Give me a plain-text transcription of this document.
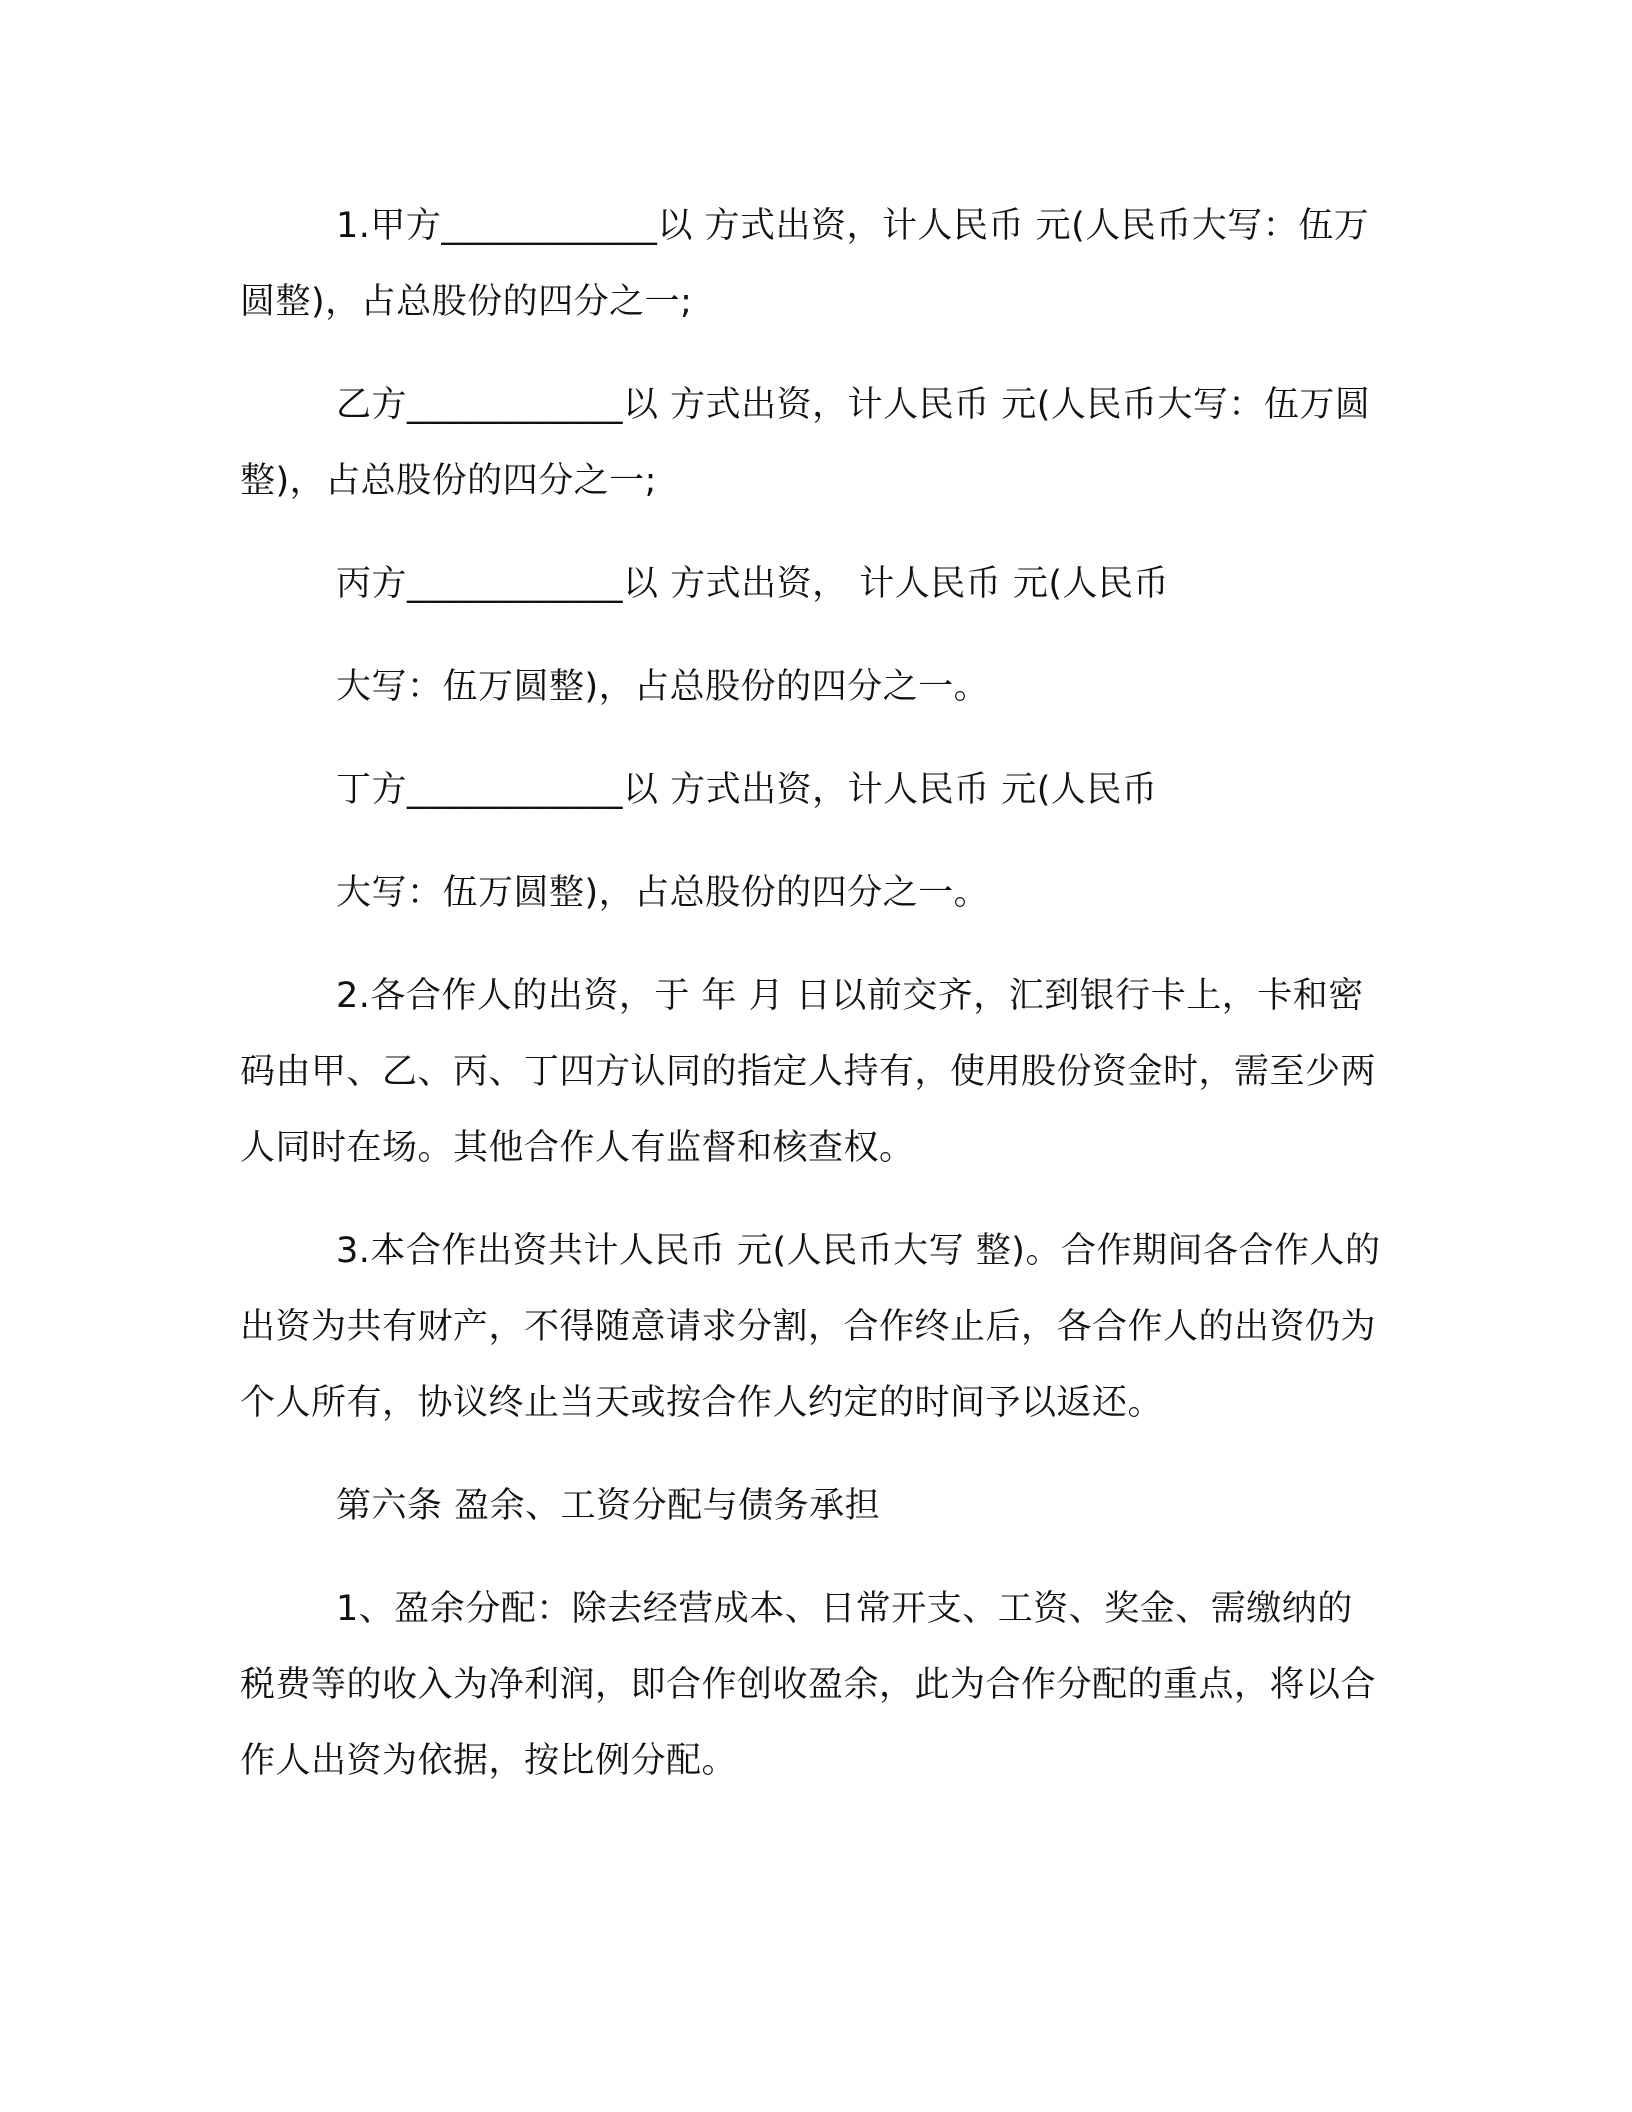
1.甲方____________以 方式出资，计人民币 元(人民币大写：伍万圆整)，占总股份的四分之一;

乙方____________以 方式出资，计人民币 元(人民币大写：伍万圆整)，占总股份的四分之一;

丙方____________以 方式出资， 计人民币 元(人民币
大写：伍万圆整)，占总股份的四分之一。
丁方____________以 方式出资，计人民币 元(人民币
大写：伍万圆整)，占总股份的四分之一。

2.各合作人的出资，于 年 月 日以前交齐，汇到银行卡上，卡和密码由甲、乙、丙、丁四方认同的指定人持有，使用股份资金时，需至少两人同时在场。其他合作人有监督和核查权。

3.本合作出资共计人民币 元(人民币大写 整)。合作期间各合作人的出资为共有财产，不得随意请求分割，合作终止后，各合作人的出资仍为个人所有，协议终止当天或按合作人约定的时间予以返还。

第六条 盈余、工资分配与债务承担

1、盈余分配：除去经营成本、日常开支、工资、奖金、需缴纳的税费等的收入为净利润，即合作创收盈余，此为合作分配的重点，将以合作人出资为依据，按比例分配。
